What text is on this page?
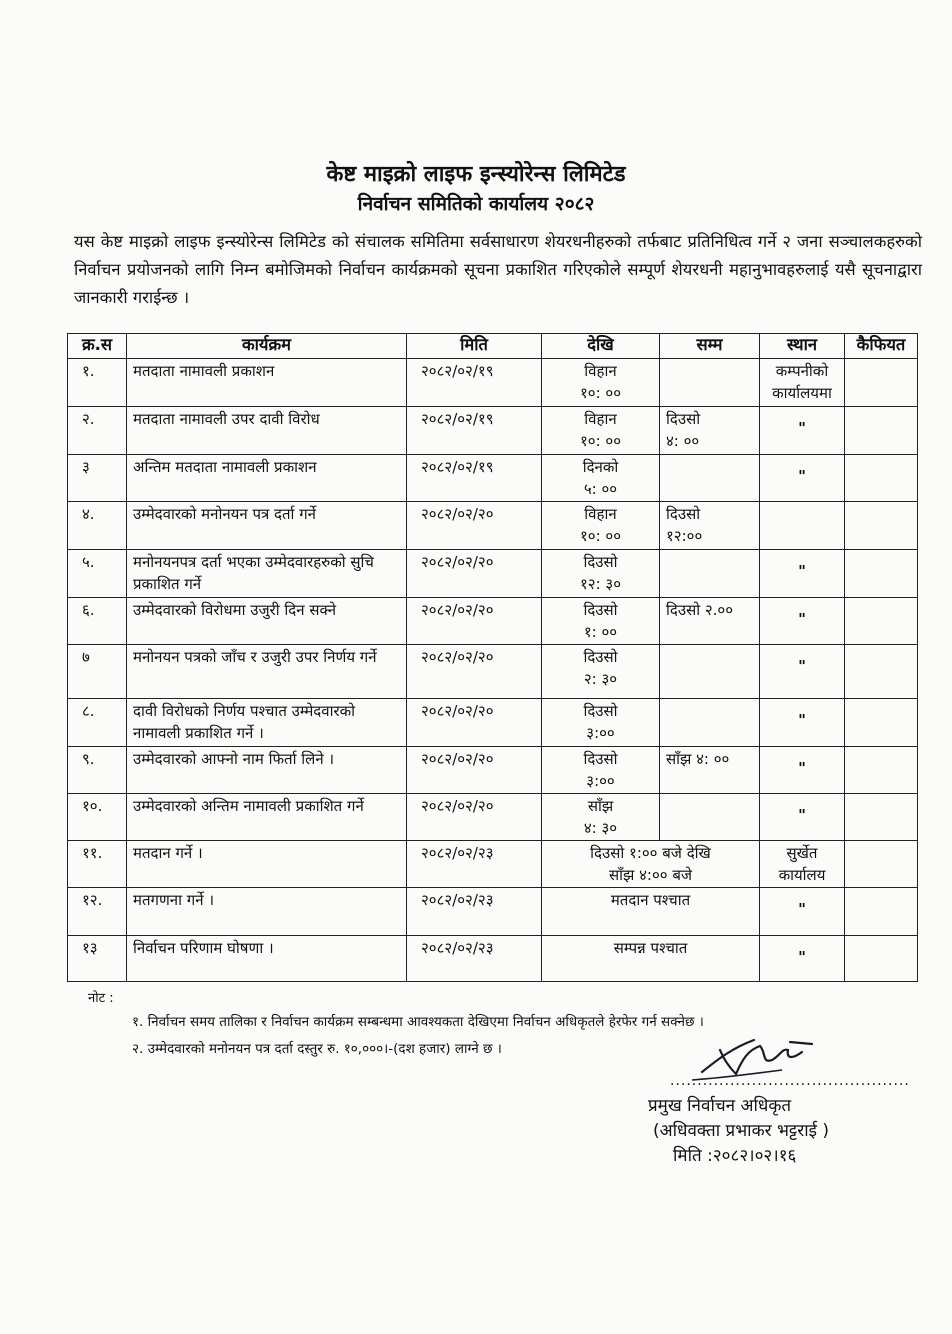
केष्ट माइक्रो लाइफ इन्स्योरेन्स लिमिटेड
निर्वाचन समितिको कार्यालय २०८२
यस केष्ट माइक्रो लाइफ इन्स्योरेन्स लिमिटेड को संचालक समितिमा सर्वसाधारण शेयरधनीहरुको तर्फबाट प्रतिनिधित्व गर्ने २ जना सञ्चालकहरुको निर्वाचन प्रयोजनको लागि निम्न बमोजिमको निर्वाचन कार्यक्रमको सूचना प्रकाशित गरिएकोले सम्पूर्ण शेयरधनी महानुभावहरुलाई यसै सूचनाद्वारा जानकारी गराईन्छ ।
क्र.स	कार्यक्रम	मिति	देखि	सम्म	स्थान	कैफियत
१.	मतदाता नामावली प्रकाशन	२०८२/०२/१९	विहान
१०: ००		कम्पनीको
कार्यालयमा	
२.	मतदाता नामावली उपर दावी विरोध	२०८२/०२/१९	विहान
१०: ००	दिउसो
४: ००	"	
३	अन्तिम मतदाता नामावली प्रकाशन	२०८२/०२/१९	दिनको
५: ००		"	
४.	उम्मेदवारको मनोनयन पत्र दर्ता गर्ने	२०८२/०२/२०	विहान
१०: ००	दिउसो
१२:००		
५.	मनोनयनपत्र दर्ता भएका उम्मेदवारहरुको सुचि प्रकाशित गर्ने	२०८२/०२/२०	दिउसो
१२: ३०		"	
६.	उम्मेदवारको विरोधमा उजुरी दिन सक्ने	२०८२/०२/२०	दिउसो
१: ००	दिउसो २.००	"	
७	मनोनयन पत्रको जाँच र उजुरी उपर निर्णय गर्ने	२०८२/०२/२०	दिउसो
२: ३०		"	
८.	दावी विरोधको निर्णय पश्चात उम्मेदवारको नामावली प्रकाशित गर्ने ।	२०८२/०२/२०	दिउसो
३:००		"	
९.	उम्मेदवारको आफ्नो नाम फिर्ता लिने ।	२०८२/०२/२०	दिउसो
३:००	साँझ ४: ००	"	
१०.	उम्मेदवारको अन्तिम नामावली प्रकाशित गर्ने	२०८२/०२/२०	साँझ
४: ३०		"	
११.	मतदान गर्ने ।	२०८२/०२/२३	दिउसो १:०० बजे देखि
साँझ ४:०० बजे		सुर्खेत
कार्यालय	
१२.	मतगणना गर्ने ।	२०८२/०२/२३	मतदान पश्चात		"	
१३	निर्वाचन परिणाम घोषणा ।	२०८२/०२/२३	सम्पन्न पश्चात		"	
नोट :
१. निर्वाचन समय तालिका र निर्वाचन कार्यक्रम सम्बन्धमा आवश्यकता देखिएमा निर्वाचन अधिकृतले हेरफेर गर्न सक्नेछ ।
२. उम्मेदवारको मनोनयन पत्र दर्ता दस्तुर रु. १०,०००।-(दश हजार) लाग्ने छ ।
............................................
प्रमुख निर्वाचन अधिकृत
(अधिवक्ता प्रभाकर भट्टराई )
मिति :२०८२।०२।१६
